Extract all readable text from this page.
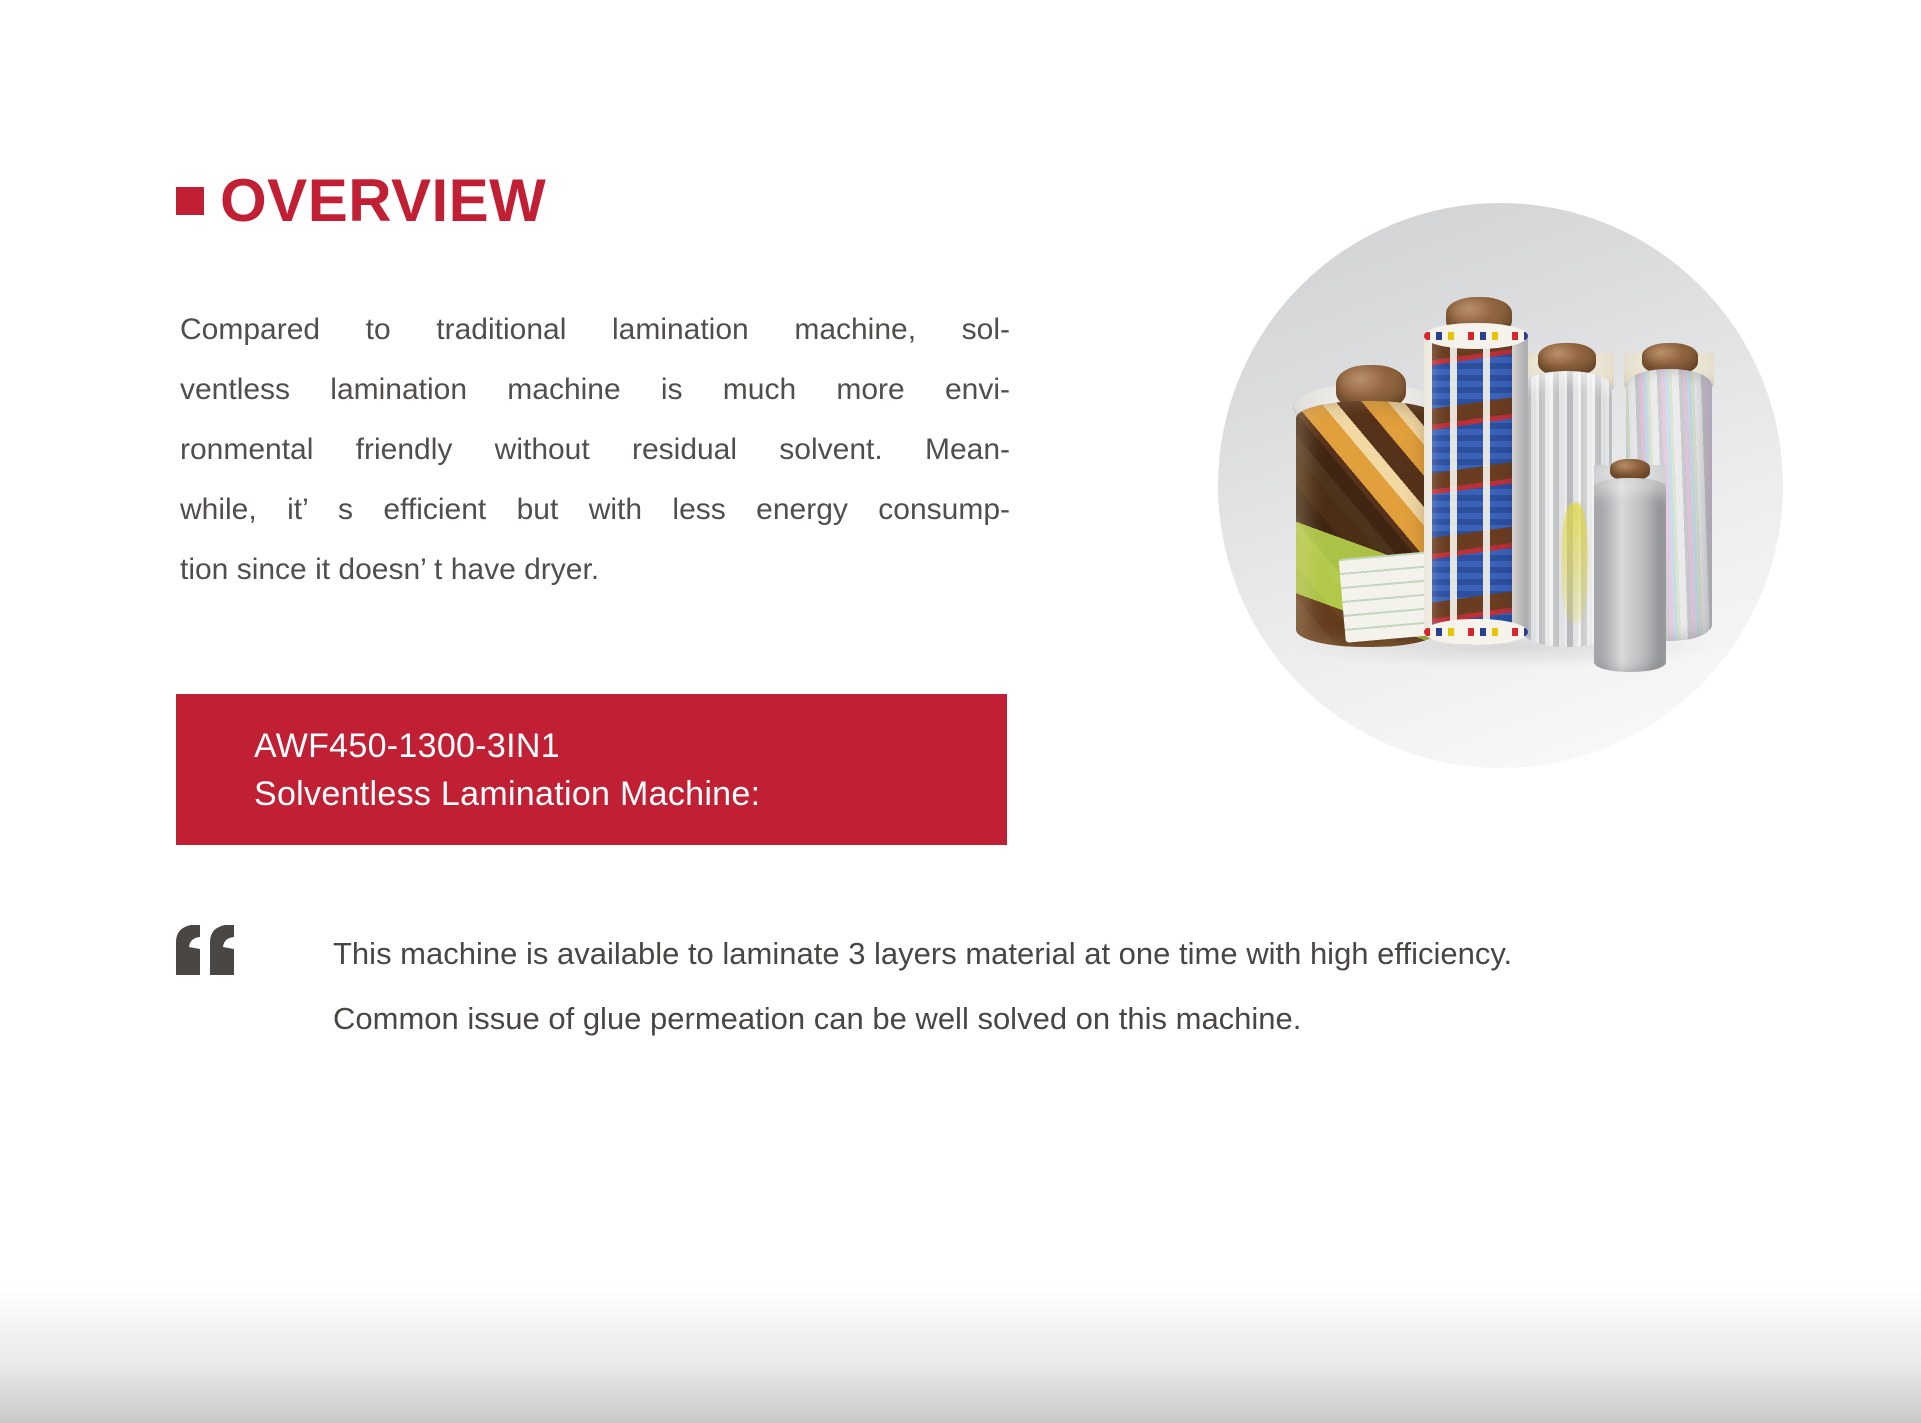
OVERVIEW
Compared to traditional lamination machine, sol-
ventless lamination machine is much more envi-
ronmental friendly without residual solvent. Mean-
while, it’ s efficient but with less energy consump-
tion since it doesn’ t have dryer.
AWF450-1300-3IN1
Solventless Lamination Machine:
This machine is available to laminate 3 layers material at one time with high efficiency.
Common issue of glue permeation can be well solved on this machine.
